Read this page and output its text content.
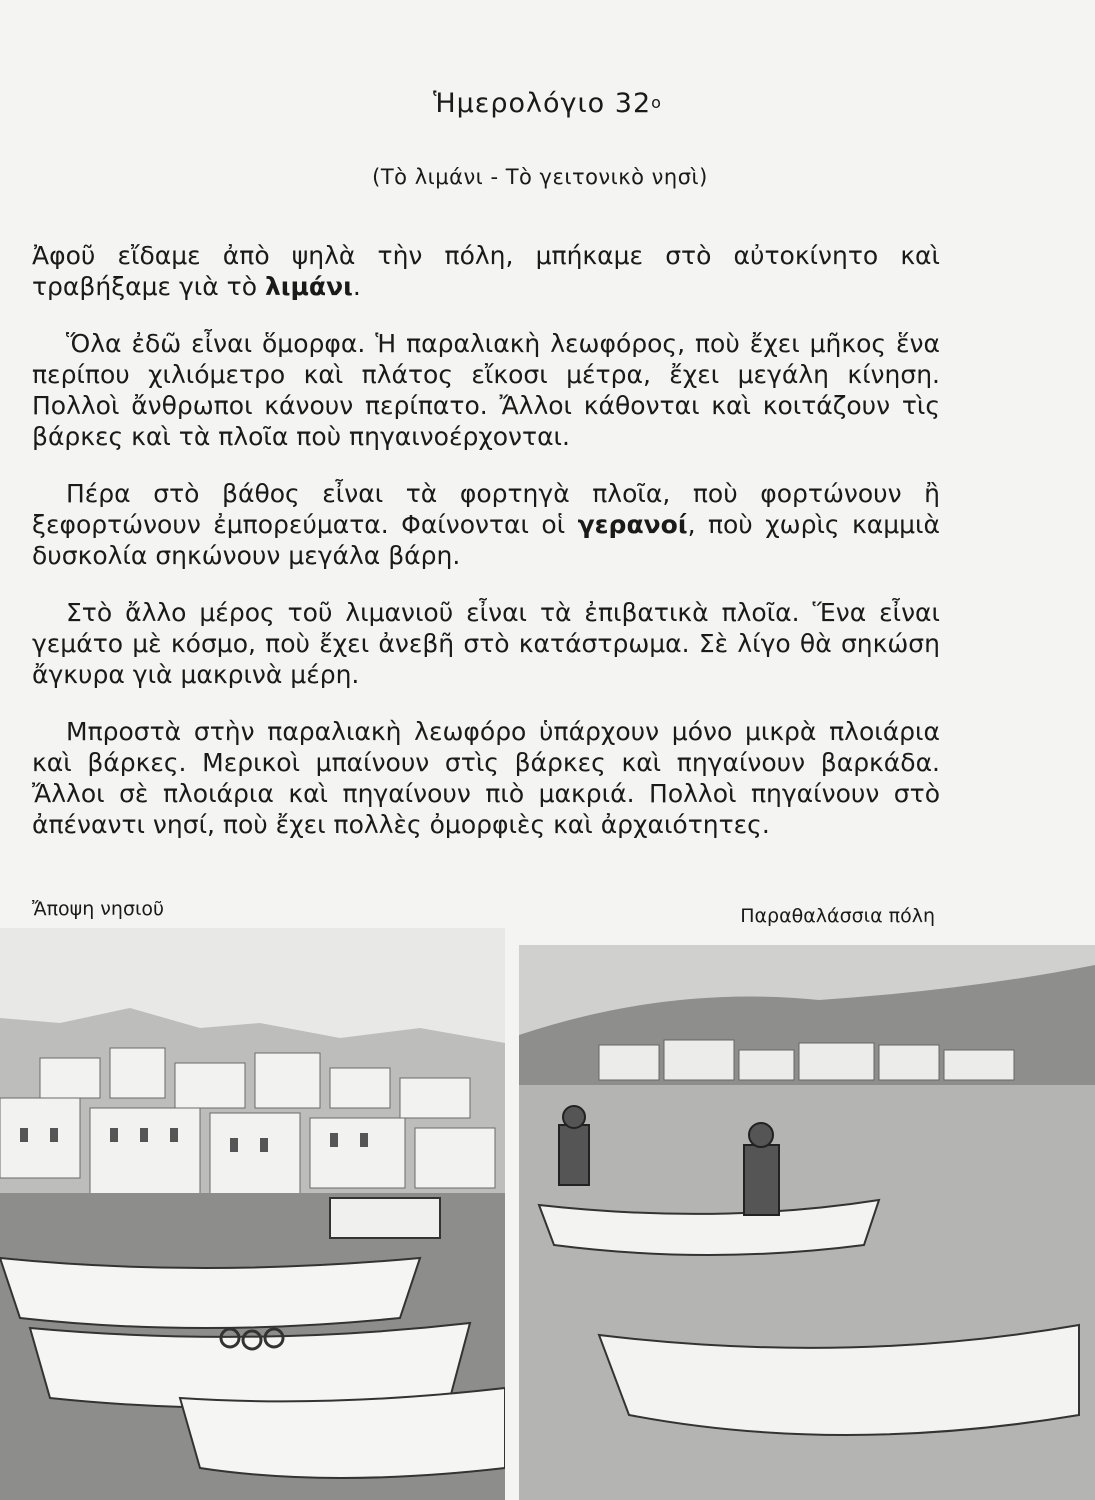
Ἡμερολόγιο $32^o$
(Τὸ λιμάνι - Τὸ γειτονικὸ νησὶ)

Ἀφοῦ εἴδαμε ἀπὸ ψηλὰ τὴν πόλη, μπήκαμε στὸ αὐτοκίνητο καὶ τραβήξαμε γιὰ τὸ λιμάνι.

Ὅλα ἐδῶ εἶναι ὅμορφα. Ἡ παραλιακὴ λεωφόρος, ποὺ ἔχει μῆκος ἕνα περίπου χιλιόμετρο καὶ πλάτος εἴκοσι μέτρα, ἔχει μεγάλη κίνηση. Πολλοὶ ἄνθρωποι κάνουν περίπατο. Ἄλλοι κάθονται καὶ κοιτάζουν τὶς βάρκες καὶ τὰ πλοῖα ποὺ πηγαινοέρχονται.

Πέρα στὸ βάθος εἶναι τὰ φορτηγὰ πλοῖα, ποὺ φορτώνουν ἢ ξεφορτώνουν ἐμπορεύματα. Φαίνονται οἱ γερανοί, ποὺ χωρὶς καμμιὰ δυσκολία σηκώνουν μεγάλα βάρη.

Στὸ ἄλλο μέρος τοῦ λιμανιοῦ εἶναι τὰ ἐπιβατικὰ πλοῖα. Ἕνα εἶναι γεμάτο μὲ κόσμο, ποὺ ἔχει ἀνεβῆ στὸ κατάστρωμα. Σὲ λίγο θὰ σηκώση ἄγκυρα γιὰ μακρινὰ μέρη.

Μπροστὰ στὴν παραλιακὴ λεωφόρο ὑπάρχουν μόνο μικρὰ πλοιάρια καὶ βάρκες. Μερικοὶ μπαίνουν στὶς βάρκες καὶ πηγαίνουν βαρκάδα. Ἄλλοι σὲ πλοιάρια καὶ πηγαίνουν πιὸ μακριά. Πολλοὶ πηγαίνουν στὸ ἀπέναντι νησί, ποὺ ἔχει πολλὲς ὀμορφιὲς καὶ ἀρχαιότητες.

Ἄποψη νησιοῦ	Παραθαλάσσια πόλη
